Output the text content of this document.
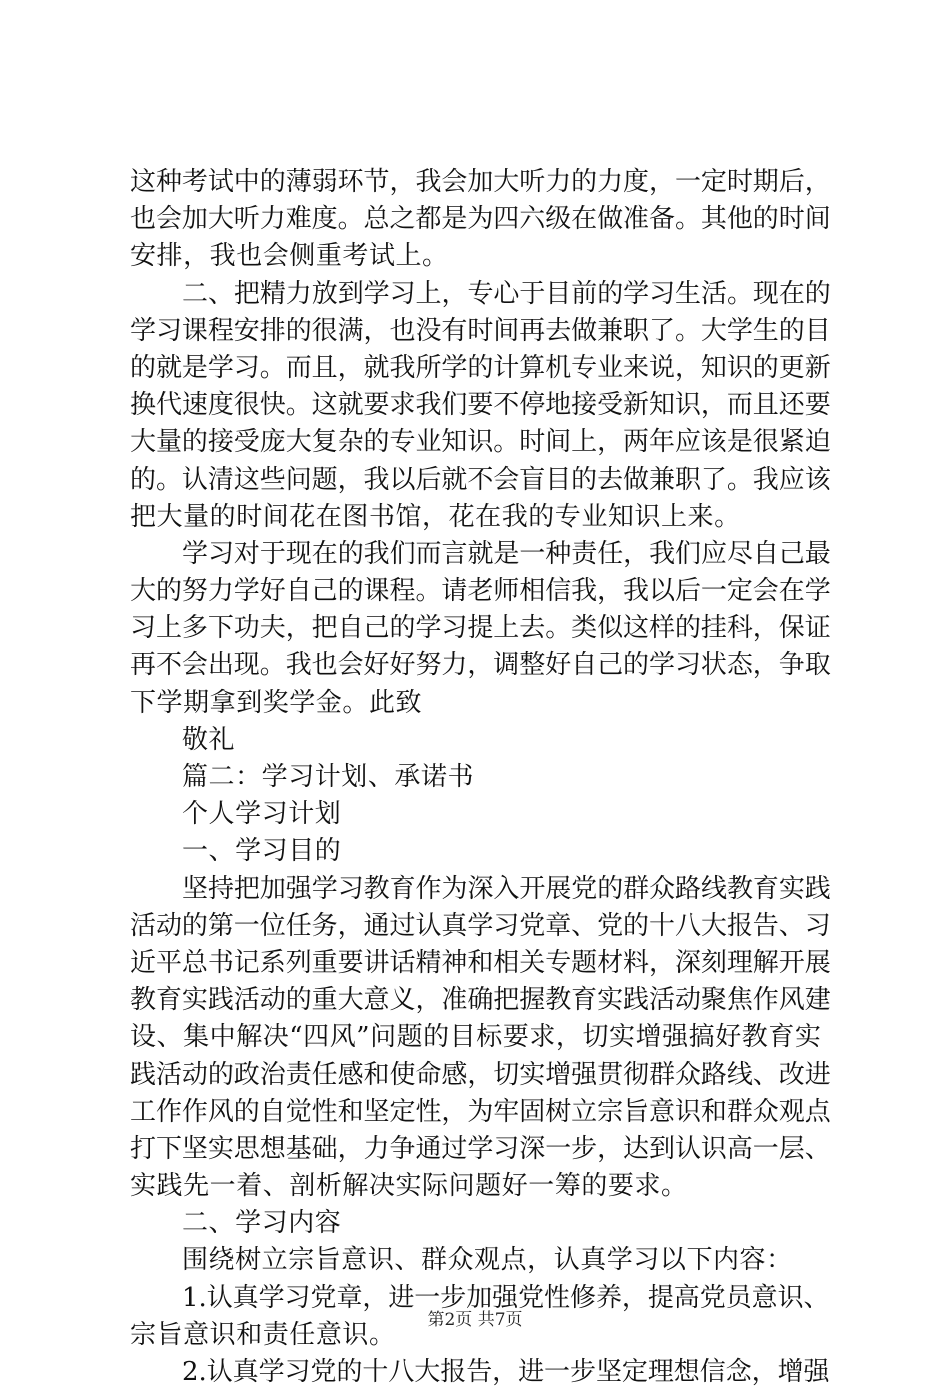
这种考试中的薄弱环节，我会加大听力的力度，一定时期后，
也会加大听力难度。总之都是为四六级在做准备。其他的时间
安排，我也会侧重考试上。
二、把精力放到学习上，专心于目前的学习生活。现在的
学习课程安排的很满，也没有时间再去做兼职了。大学生的目
的就是学习。而且，就我所学的计算机专业来说，知识的更新
换代速度很快。这就要求我们要不停地接受新知识，而且还要
大量的接受庞大复杂的专业知识。时间上，两年应该是很紧迫
的。认清这些问题，我以后就不会盲目的去做兼职了。我应该
把大量的时间花在图书馆，花在我的专业知识上来。
学习对于现在的我们而言就是一种责任，我们应尽自己最
大的努力学好自己的课程。请老师相信我，我以后一定会在学
习上多下功夫，把自己的学习提上去。类似这样的挂科，保证
再不会出现。我也会好好努力，调整好自己的学习状态，争取
下学期拿到奖学金。此致
敬礼
篇二：学习计划、承诺书
个人学习计划
一、学习目的
坚持把加强学习教育作为深入开展党的群众路线教育实践
活动的第一位任务，通过认真学习党章、党的十八大报告、习
近平总书记系列重要讲话精神和相关专题材料，深刻理解开展
教育实践活动的重大意义，准确把握教育实践活动聚焦作风建
设、集中解决“四风”问题的目标要求，切实增强搞好教育实
践活动的政治责任感和使命感，切实增强贯彻群众路线、改进
工作作风的自觉性和坚定性，为牢固树立宗旨意识和群众观点
打下坚实思想基础，力争通过学习深一步，达到认识高一层、
实践先一着、剖析解决实际问题好一筹的要求。
二、学习内容
围绕树立宗旨意识、群众观点，认真学习以下内容：
1.认真学习党章，进一步加强党性修养，提高党员意识、
宗旨意识和责任意识。
2.认真学习党的十八大报告，进一步坚定理想信念，增强
第2页 共7页
